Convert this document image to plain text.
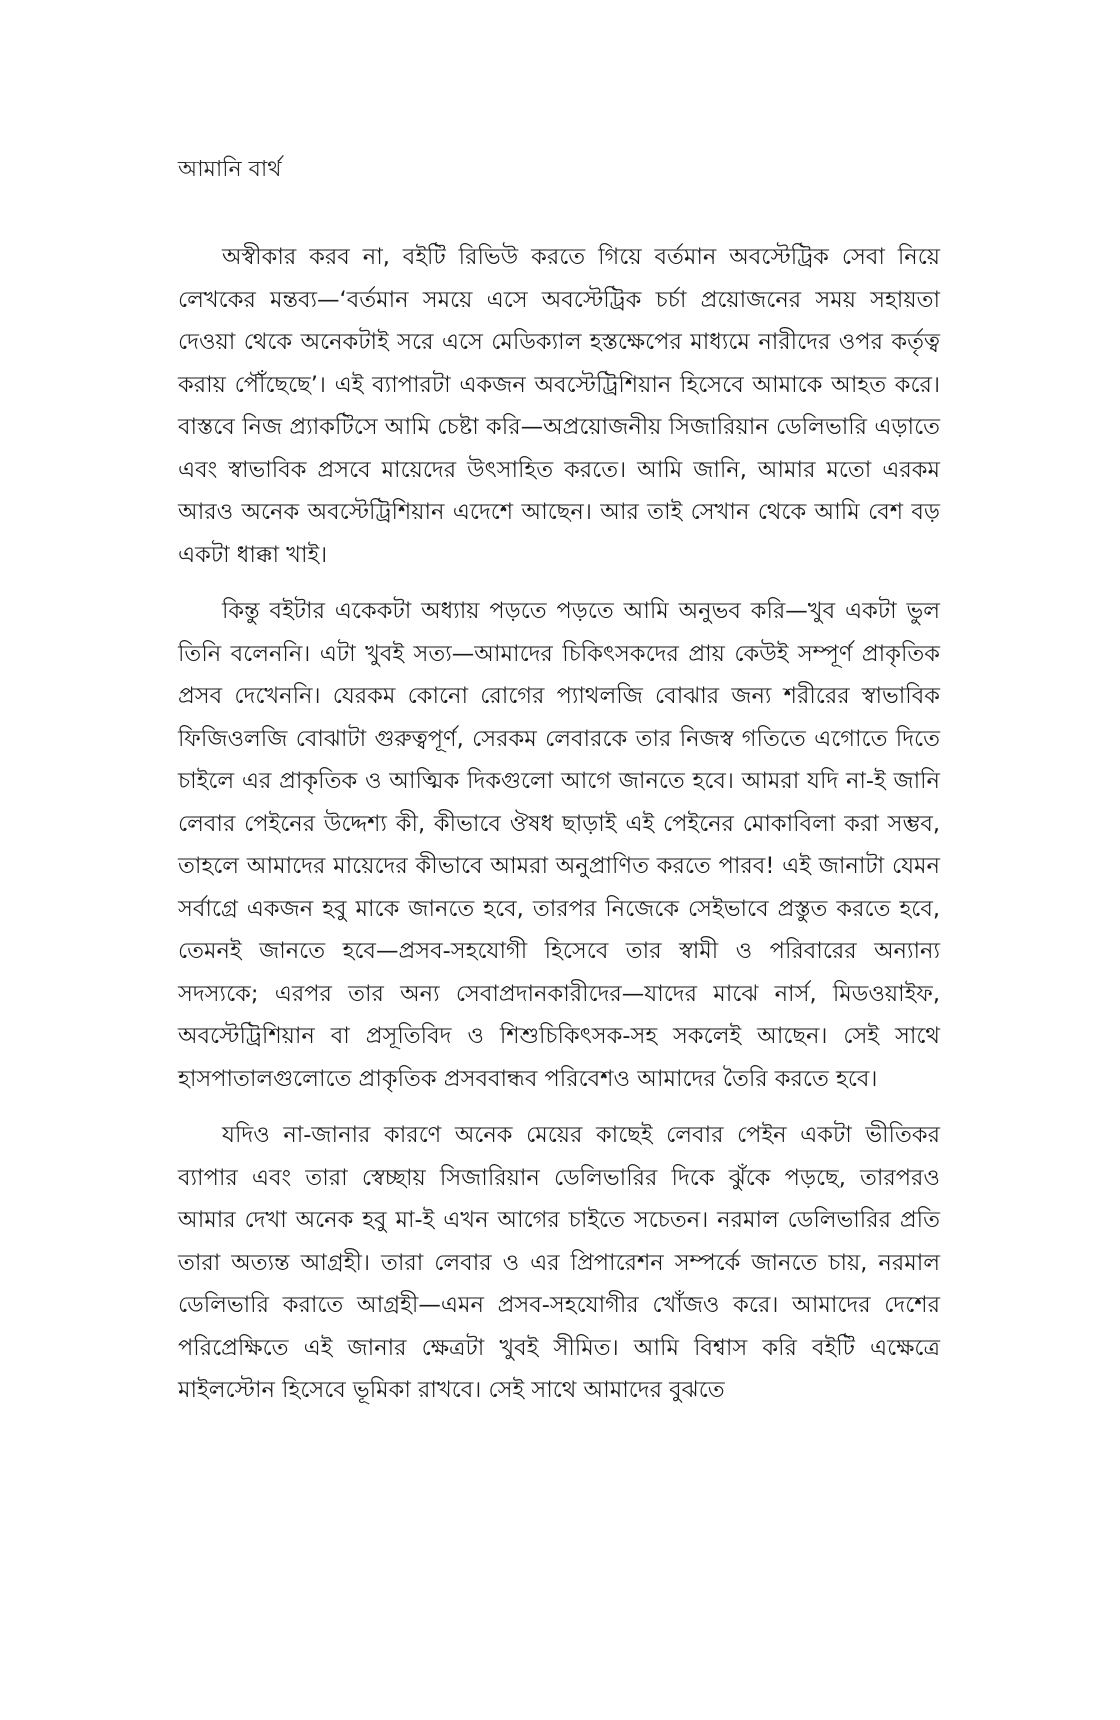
আমানি বার্থ

অস্বীকার করব না, বইটি রিভিউ করতে গিয়ে বর্তমান অবস্টেট্রিক সেবা নিয়ে লেখকের মন্তব্য—‘বর্তমান সময়ে এসে অবস্টেট্রিক চর্চা প্রয়োজনের সময় সহায়তা দেওয়া থেকে অনেকটাই সরে এসে মেডিক্যাল হস্তক্ষেপের মাধ্যমে নারীদের ওপর কর্তৃত্ব করায় পৌঁছেছে’। এই ব্যাপারটা একজন অবস্টেট্রিশিয়ান হিসেবে আমাকে আহত করে। বাস্তবে নিজ প্র্যাকটিসে আমি চেষ্টা করি—অপ্রয়োজনীয় সিজারিয়ান ডেলিভারি এড়াতে এবং স্বাভাবিক প্রসবে মায়েদের উৎসাহিত করতে। আমি জানি, আমার মতো এরকম আরও অনেক অবস্টেট্রিশিয়ান এদেশে আছেন। আর তাই সেখান থেকে আমি বেশ বড় একটা ধাক্কা খাই।

কিন্তু বইটার একেকটা অধ্যায় পড়তে পড়তে আমি অনুভব করি—খুব একটা ভুল তিনি বলেননি। এটা খুবই সত্য—আমাদের চিকিৎসকদের প্রায় কেউই সম্পূর্ণ প্রাকৃতিক প্রসব দেখেননি। যেরকম কোনো রোগের প্যাথলজি বোঝার জন্য শরীরের স্বাভাবিক ফিজিওলজি বোঝাটা গুরুত্বপূর্ণ, সেরকম লেবারকে তার নিজস্ব গতিতে এগোতে দিতে চাইলে এর প্রাকৃতিক ও আত্মিক দিকগুলো আগে জানতে হবে। আমরা যদি না-ই জানি লেবার পেইনের উদ্দেশ্য কী, কীভাবে ঔষধ ছাড়াই এই পেইনের মোকাবিলা করা সম্ভব, তাহলে আমাদের মায়েদের কীভাবে আমরা অনুপ্রাণিত করতে পারব! এই জানাটা যেমন সর্বাগ্রে একজন হবু মাকে জানতে হবে, তারপর নিজেকে সেইভাবে প্রস্তুত করতে হবে, তেমনই জানতে হবে—প্রসব-সহযোগী হিসেবে তার স্বামী ও পরিবারের অন্যান্য সদস্যকে; এরপর তার অন্য সেবাপ্রদানকারীদের—যাদের মাঝে নার্স, মিডওয়াইফ, অবস্টেট্রিশিয়ান বা প্রসূতিবিদ ও শিশুচিকিৎসক-সহ সকলেই আছেন। সেই সাথে হাসপাতালগুলোতে প্রাকৃতিক প্রসববান্ধব পরিবেশও আমাদের তৈরি করতে হবে।

যদিও না-জানার কারণে অনেক মেয়ের কাছেই লেবার পেইন একটা ভীতিকর ব্যাপার এবং তারা স্বেচ্ছায় সিজারিয়ান ডেলিভারির দিকে ঝুঁকে পড়ছে, তারপরও আমার দেখা অনেক হবু মা-ই এখন আগের চাইতে সচেতন। নরমাল ডেলিভারির প্রতি তারা অত্যন্ত আগ্রহী। তারা লেবার ও এর প্রিপারেশন সম্পর্কে জানতে চায়, নরমাল ডেলিভারি করাতে আগ্রহী—এমন প্রসব-সহযোগীর খোঁজও করে। আমাদের দেশের পরিপ্রেক্ষিতে এই জানার ক্ষেত্রটা খুবই সীমিত। আমি বিশ্বাস করি বইটি এক্ষেত্রে মাইলস্টোন হিসেবে ভূমিকা রাখবে। সেই সাথে আমাদের বুঝতে
